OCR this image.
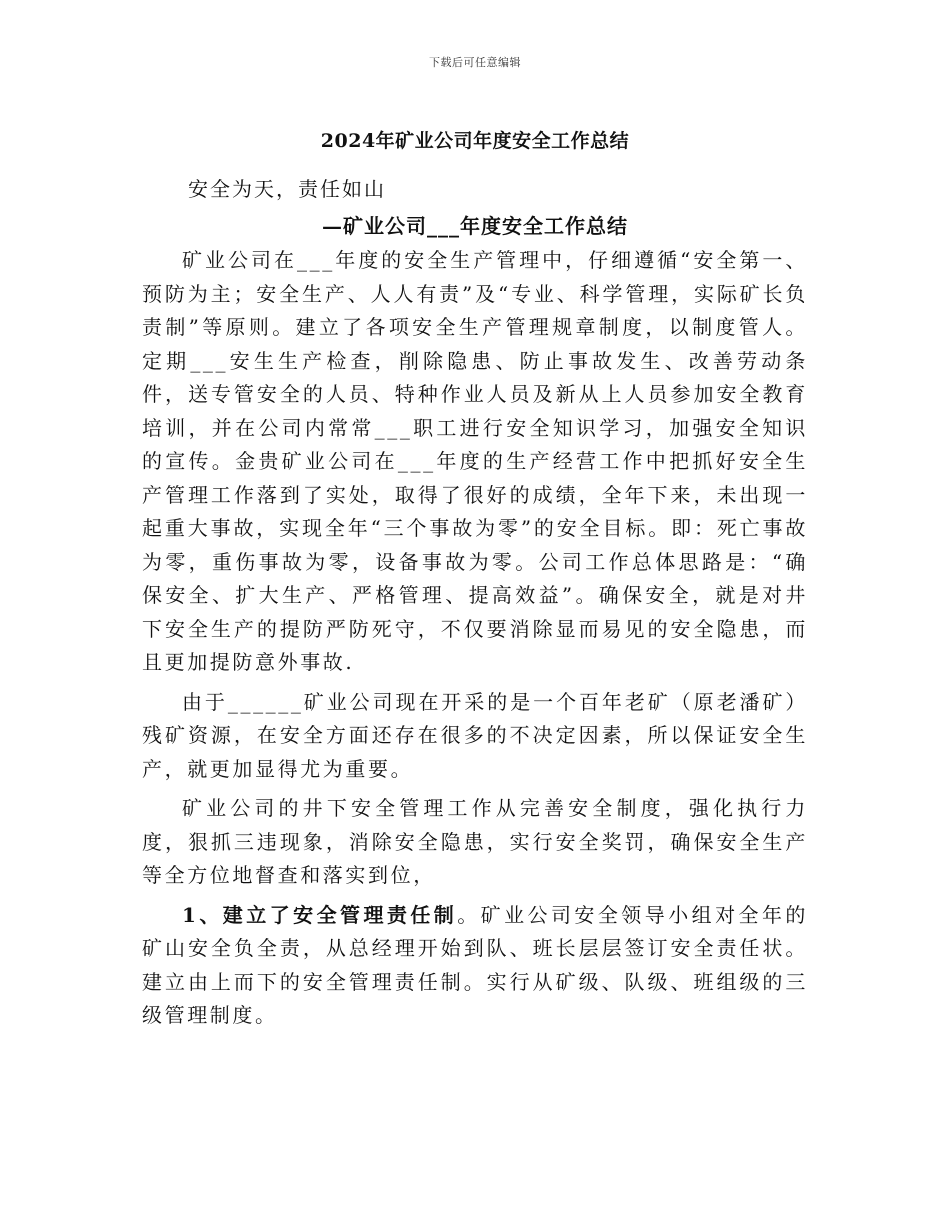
下载后可任意编辑
2024年矿业公司年度安全工作总结
安全为天，责任如山
—矿业公司___年度安全工作总结

矿业公司在___年度的安全生产管理中，仔细遵循“安全第一、预防为主；安全生产、人人有责”及“专业、科学管理，实际矿长负责制”等原则。建立了各项安全生产管理规章制度，以制度管人。定期___安生生产检查，削除隐患、防止事故发生、改善劳动条件，送专管安全的人员、特种作业人员及新从上人员参加安全教育培训，并在公司内常常___职工进行安全知识学习，加强安全知识的宣传。金贵矿业公司在___年度的生产经营工作中把抓好安全生产管理工作落到了实处，取得了很好的成绩，全年下来，未出现一起重大事故，实现全年“三个事故为零”的安全目标。即：死亡事故为零，重伤事故为零，设备事故为零。公司工作总体思路是：“确保安全、扩大生产、严格管理、提高效益”。确保安全，就是对井下安全生产的提防严防死守，不仅要消除显而易见的安全隐患，而且更加提防意外事故.

由于______矿业公司现在开采的是一个百年老矿（原老潘矿）残矿资源，在安全方面还存在很多的不决定因素，所以保证安全生产，就更加显得尤为重要。

矿业公司的井下安全管理工作从完善安全制度，强化执行力度，狠抓三违现象，消除安全隐患，实行安全奖罚，确保安全生产等全方位地督查和落实到位，

1、建立了安全管理责任制。矿业公司安全领导小组对全年的矿山安全负全责，从总经理开始到队、班长层层签订安全责任状。建立由上而下的安全管理责任制。实行从矿级、队级、班组级的三级管理制度。
